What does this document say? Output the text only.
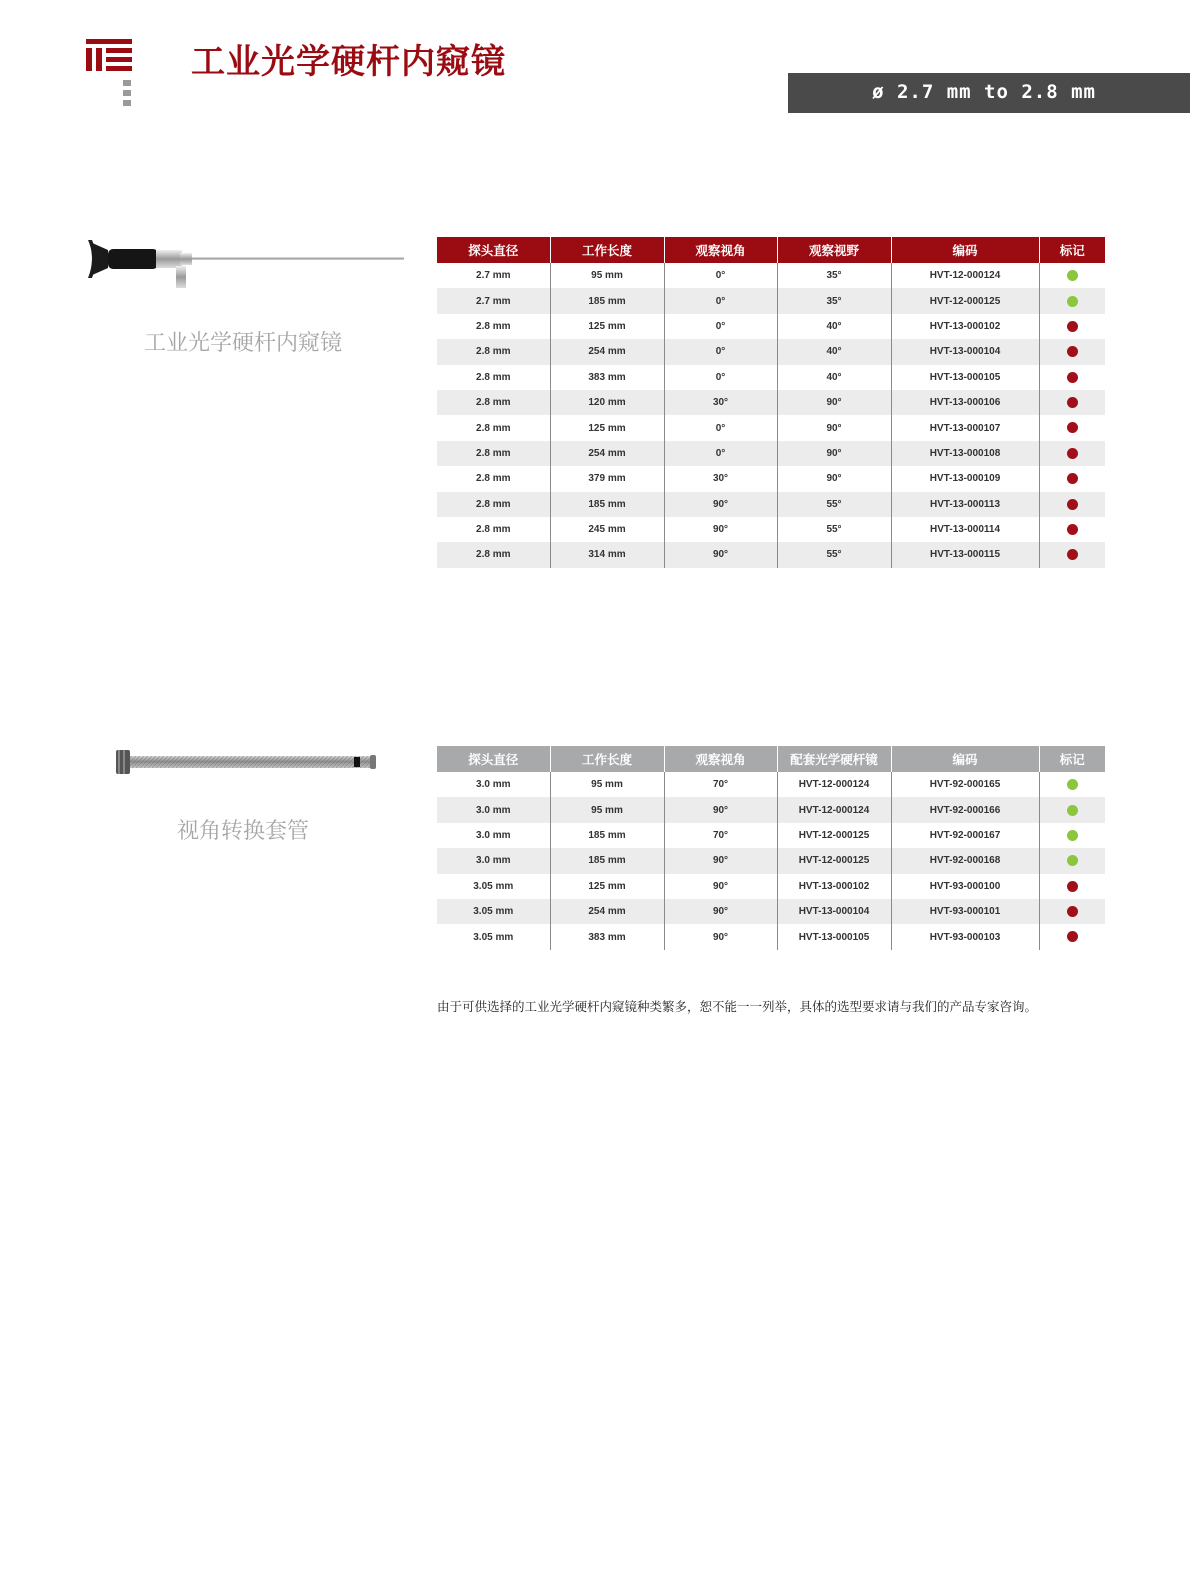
工业光学硬杆内窥镜
ø 2.7 mm to 2.8 mm
工业光学硬杆内窥镜
探头直径	工作长度	观察视角	观察视野	编码	标记
2.7 mm	95 mm	0°	35°	HVT-12-000124	
2.7 mm	185 mm	0°	35°	HVT-12-000125	
2.8 mm	125 mm	0°	40°	HVT-13-000102	
2.8 mm	254 mm	0°	40°	HVT-13-000104	
2.8 mm	383 mm	0°	40°	HVT-13-000105	
2.8 mm	120 mm	30°	90°	HVT-13-000106	
2.8 mm	125 mm	0°	90°	HVT-13-000107	
2.8 mm	254 mm	0°	90°	HVT-13-000108	
2.8 mm	379 mm	30°	90°	HVT-13-000109	
2.8 mm	185 mm	90°	55°	HVT-13-000113	
2.8 mm	245 mm	90°	55°	HVT-13-000114	
2.8 mm	314 mm	90°	55°	HVT-13-000115	
视角转换套管
探头直径	工作长度	观察视角	配套光学硬杆镜	编码	标记
3.0 mm	95 mm	70°	HVT-12-000124	HVT-92-000165	
3.0 mm	95 mm	90°	HVT-12-000124	HVT-92-000166	
3.0 mm	185 mm	70°	HVT-12-000125	HVT-92-000167	
3.0 mm	185 mm	90°	HVT-12-000125	HVT-92-000168	
3.05 mm	125 mm	90°	HVT-13-000102	HVT-93-000100	
3.05 mm	254 mm	90°	HVT-13-000104	HVT-93-000101	
3.05 mm	383 mm	90°	HVT-13-000105	HVT-93-000103	
由于可供选择的工业光学硬杆内窥镜种类繁多，恕不能一一列举，具体的选型要求请与我们的产品专家咨询。
